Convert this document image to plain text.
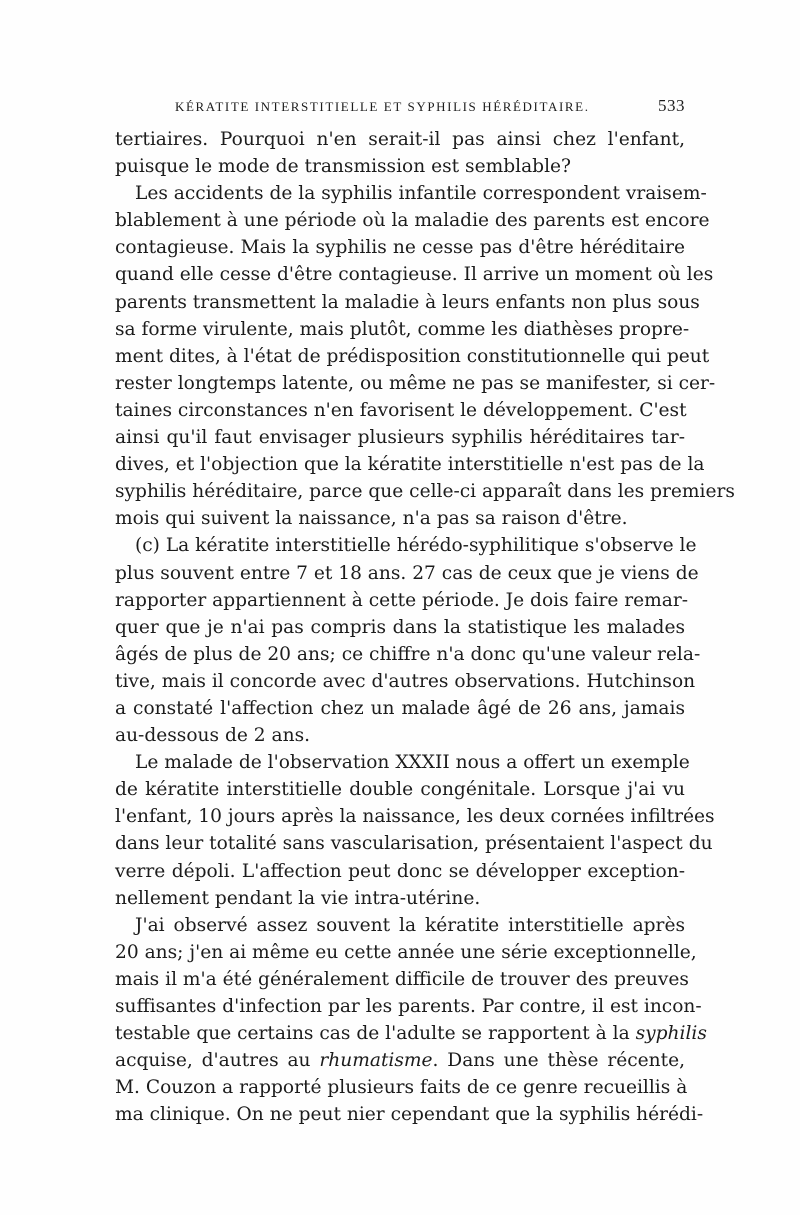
KÉRATITE INTERSTITIELLE ET SYPHILIS HÉRÉDITAIRE.	533
tertiaires. Pourquoi n'en serait-il pas ainsi chez l'enfant,
puisque le mode de transmission est semblable?
Les accidents de la syphilis infantile correspondent vraisem-
blablement à une période où la maladie des parents est encore
contagieuse. Mais la syphilis ne cesse pas d'être héréditaire
quand elle cesse d'être contagieuse. Il arrive un moment où les
parents transmettent la maladie à leurs enfants non plus sous
sa forme virulente, mais plutôt, comme les diathèses propre-
ment dites, à l'état de prédisposition constitutionnelle qui peut
rester longtemps latente, ou même ne pas se manifester, si cer-
taines circonstances n'en favorisent le développement. C'est
ainsi qu'il faut envisager plusieurs syphilis héréditaires tar-
dives, et l'objection que la kératite interstitielle n'est pas de la
syphilis héréditaire, parce que celle-ci apparaît dans les premiers
mois qui suivent la naissance, n'a pas sa raison d'être.
(c) La kératite interstitielle hérédo-syphilitique s'observe le
plus souvent entre 7 et 18 ans. 27 cas de ceux que je viens de
rapporter appartiennent à cette période. Je dois faire remar-
quer que je n'ai pas compris dans la statistique les malades
âgés de plus de 20 ans; ce chiffre n'a donc qu'une valeur rela-
tive, mais il concorde avec d'autres observations. Hutchinson
a constaté l'affection chez un malade âgé de 26 ans, jamais
au-dessous de 2 ans.
Le malade de l'observation XXXII nous a offert un exemple
de kératite interstitielle double congénitale. Lorsque j'ai vu
l'enfant, 10 jours après la naissance, les deux cornées infiltrées
dans leur totalité sans vascularisation, présentaient l'aspect du
verre dépoli. L'affection peut donc se développer exception-
nellement pendant la vie intra-utérine.
J'ai observé assez souvent la kératite interstitielle après
20 ans; j'en ai même eu cette année une série exceptionnelle,
mais il m'a été généralement difficile de trouver des preuves
suffisantes d'infection par les parents. Par contre, il est incon-
testable que certains cas de l'adulte se rapportent à la syphilis
acquise, d'autres au rhumatisme. Dans une thèse récente,
M. Couzon a rapporté plusieurs faits de ce genre recueillis à
ma clinique. On ne peut nier cependant que la syphilis hérédi-
